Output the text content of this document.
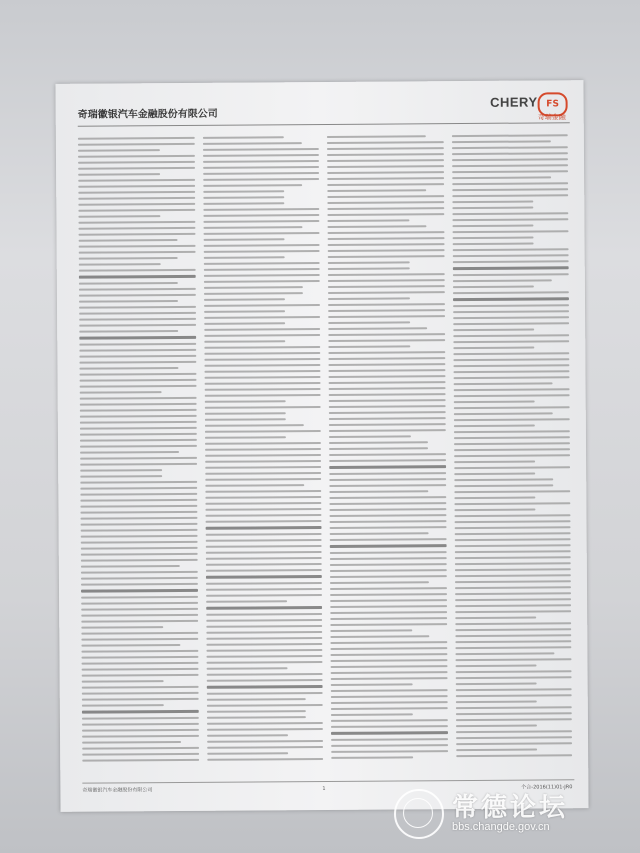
奇瑞徽银汽车金融股份有限公司
CHERY FS
奇瑞金融
奇瑞徽银汽车金融股份有限公司	1	个合-2016(11)01-JR0
常德论坛
bbs.changde.gov.cn
